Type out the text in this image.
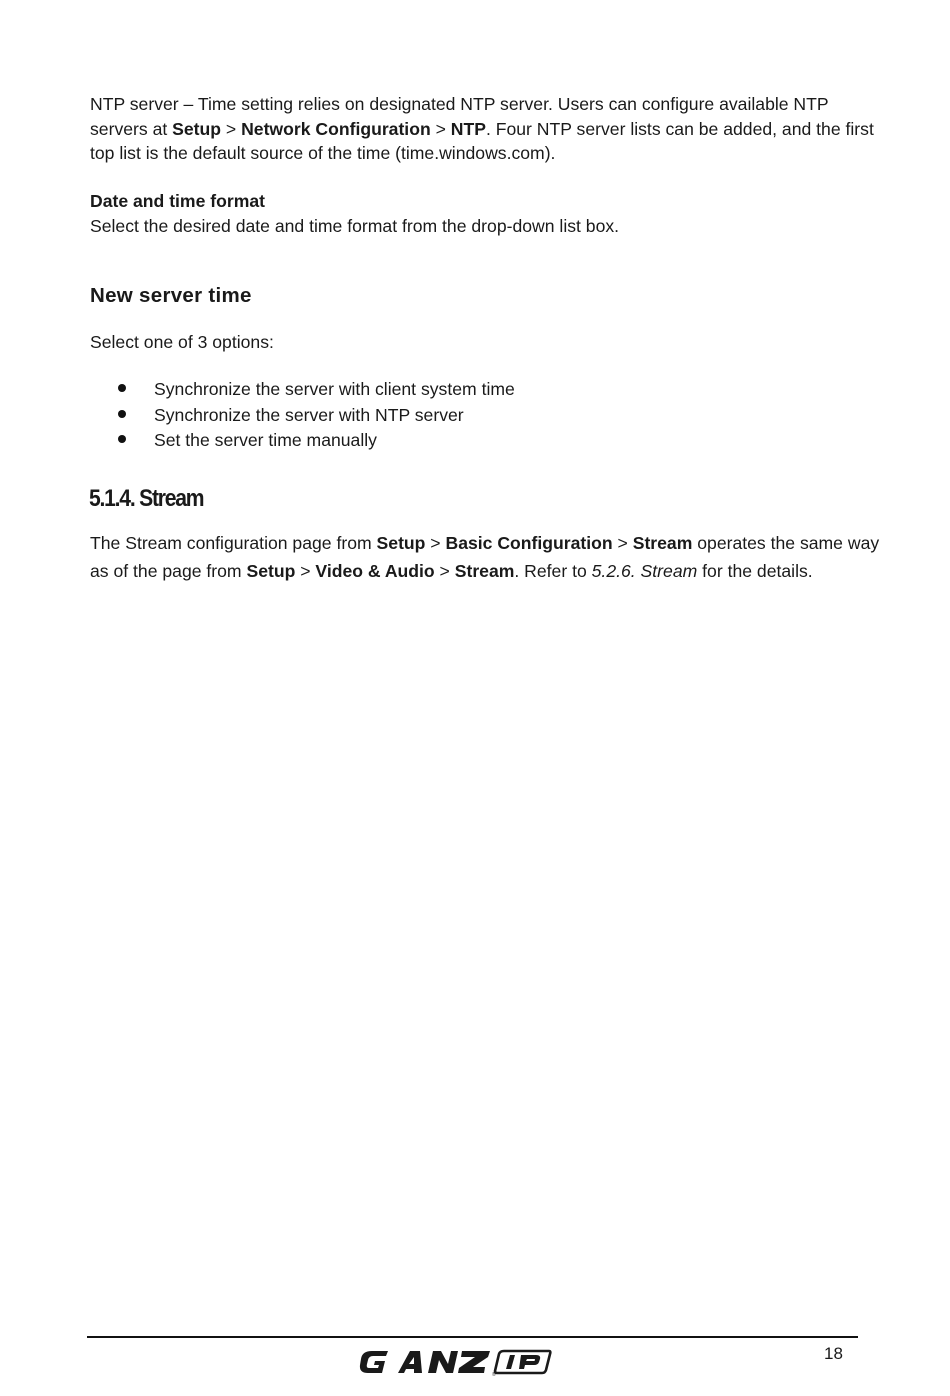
NTP server – Time setting relies on designated NTP server. Users can configure available NTP servers at Setup > Network Configuration > NTP. Four NTP server lists can be added, and the first top list is the default source of the time (time.windows.com).

Date and time format
Select the desired date and time format from the drop-down list box.

New server time

Select one of 3 options:

Synchronize the server with client system time
Synchronize the server with NTP server
Set the server time manually
5.1.4. Stream

The Stream configuration page from Setup > Basic Configuration > Stream operates the same way as of the page from Setup > Video & Audio > Stream. Refer to 5.2.6. Stream for the details.

®
18
